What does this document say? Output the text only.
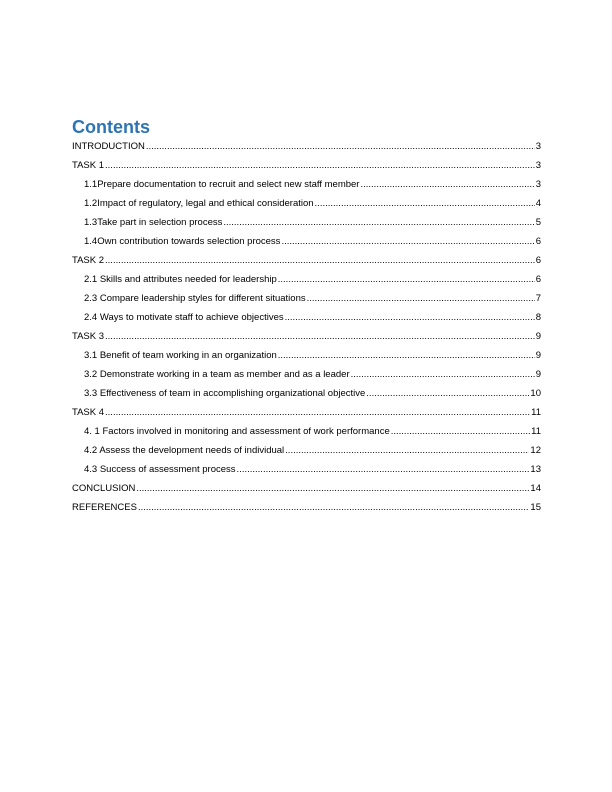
Contents
INTRODUCTION .....	3
TASK 1 .....	3
1.1Prepare documentation to recruit and select new staff member .....	3
1.2Impact of regulatory, legal and ethical consideration .....	4
1.3Take part in selection process .....	5
1.4Own contribution towards selection process .....	6
TASK 2 .....	6
2.1 Skills and attributes needed for leadership .....	6
2.3 Compare leadership styles for different situations .....	7
2.4 Ways to motivate staff to achieve objectives .....	8
TASK 3 .....	9
3.1 Benefit of team working in an organization .....	9
3.2 Demonstrate working in a team as member and as a leader .....	9
3.3 Effectiveness of team in accomplishing organizational objective .....	10
TASK 4 .....	11
4. 1 Factors involved in monitoring and assessment of work performance .....	11
4.2 Assess the development needs of individual .....	12
4.3 Success of assessment process .....	13
CONCLUSION .....	14
REFERENCES .....	15
